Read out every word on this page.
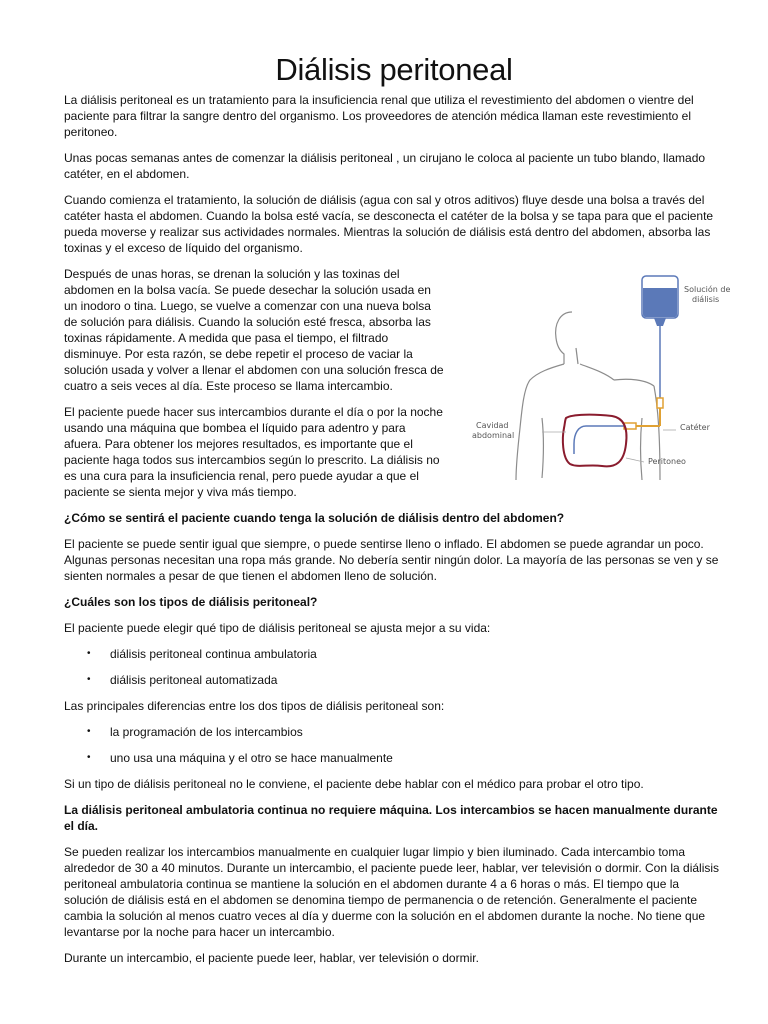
Diálisis peritoneal

La diálisis peritoneal es un tratamiento para la insuficiencia renal que utiliza el revestimiento del abdomen o vientre del paciente para filtrar la sangre dentro del organismo. Los proveedores de atención médica llaman este revestimiento el peritoneo.

Unas pocas semanas antes de comenzar la diálisis peritoneal , un cirujano le coloca al paciente un tubo blando, llamado catéter, en el abdomen.

Cuando comienza el tratamiento, la solución de diálisis (agua con sal y otros aditivos) fluye desde una bolsa a través del catéter hasta el abdomen. Cuando la bolsa esté vacía, se desconecta el catéter de la bolsa y se tapa para que el paciente pueda moverse y realizar sus actividades normales. Mientras la solución de diálisis está dentro del abdomen, absorba las toxinas y el exceso de líquido del organismo.

Solución de
diálisis
Catéter
Cavidad
abdominal
Peritoneo

Después de unas horas, se drenan la solución y las toxinas del abdomen en la bolsa vacía. Se puede desechar la solución usada en un inodoro o tina. Luego, se vuelve a comenzar con una nueva bolsa de solución para diálisis. Cuando la solución esté fresca, absorba las toxinas rápidamente. A medida que pasa el tiempo, el filtrado disminuye. Por esta razón, se debe repetir el proceso de vaciar la solución usada y volver a llenar el abdomen con una solución fresca de cuatro a seis veces al día. Este proceso se llama intercambio.

El paciente puede hacer sus intercambios durante el día o por la noche usando una máquina que bombea el líquido para adentro y para afuera. Para obtener los mejores resultados, es importante que el paciente haga todos sus intercambios según lo prescrito. La diálisis no es una cura para la insuficiencia renal, pero puede ayudar a que el paciente se sienta mejor y viva más tiempo.

¿Cómo se sentirá el paciente cuando tenga la solución de diálisis dentro del abdomen?

El paciente se puede sentir igual que siempre, o puede sentirse lleno o inflado. El abdomen se puede agrandar un poco. Algunas personas necesitan una ropa más grande. No debería sentir ningún dolor. La mayoría de las personas se ven y se sienten normales a pesar de que tienen el abdomen lleno de solución.

¿Cuáles son los tipos de diálisis peritoneal?

El paciente puede elegir qué tipo de diálisis peritoneal se ajusta mejor a su vida:

• diálisis peritoneal continua ambulatoria
• diálisis peritoneal automatizada

Las principales diferencias entre los dos tipos de diálisis peritoneal son:

• la programación de los intercambios
• uno usa una máquina y el otro se hace manualmente

Si un tipo de diálisis peritoneal no le conviene, el paciente debe hablar con el médico para probar el otro tipo.

La diálisis peritoneal ambulatoria continua no requiere máquina. Los intercambios se hacen manualmente durante el día.

Se pueden realizar los intercambios manualmente en cualquier lugar limpio y bien iluminado. Cada intercambio toma alrededor de 30 a 40 minutos. Durante un intercambio, el paciente puede leer, hablar, ver televisión o dormir. Con la diálisis peritoneal ambulatoria continua se mantiene la solución en el abdomen durante 4 a 6 horas o más. El tiempo que la solución de diálisis está en el abdomen se denomina tiempo de permanencia o de retención. Generalmente el paciente cambia la solución al menos cuatro veces al día y duerme con la solución en el abdomen durante la noche. No tiene que levantarse por la noche para hacer un intercambio.

Durante un intercambio, el paciente puede leer, hablar, ver televisión o dormir.
